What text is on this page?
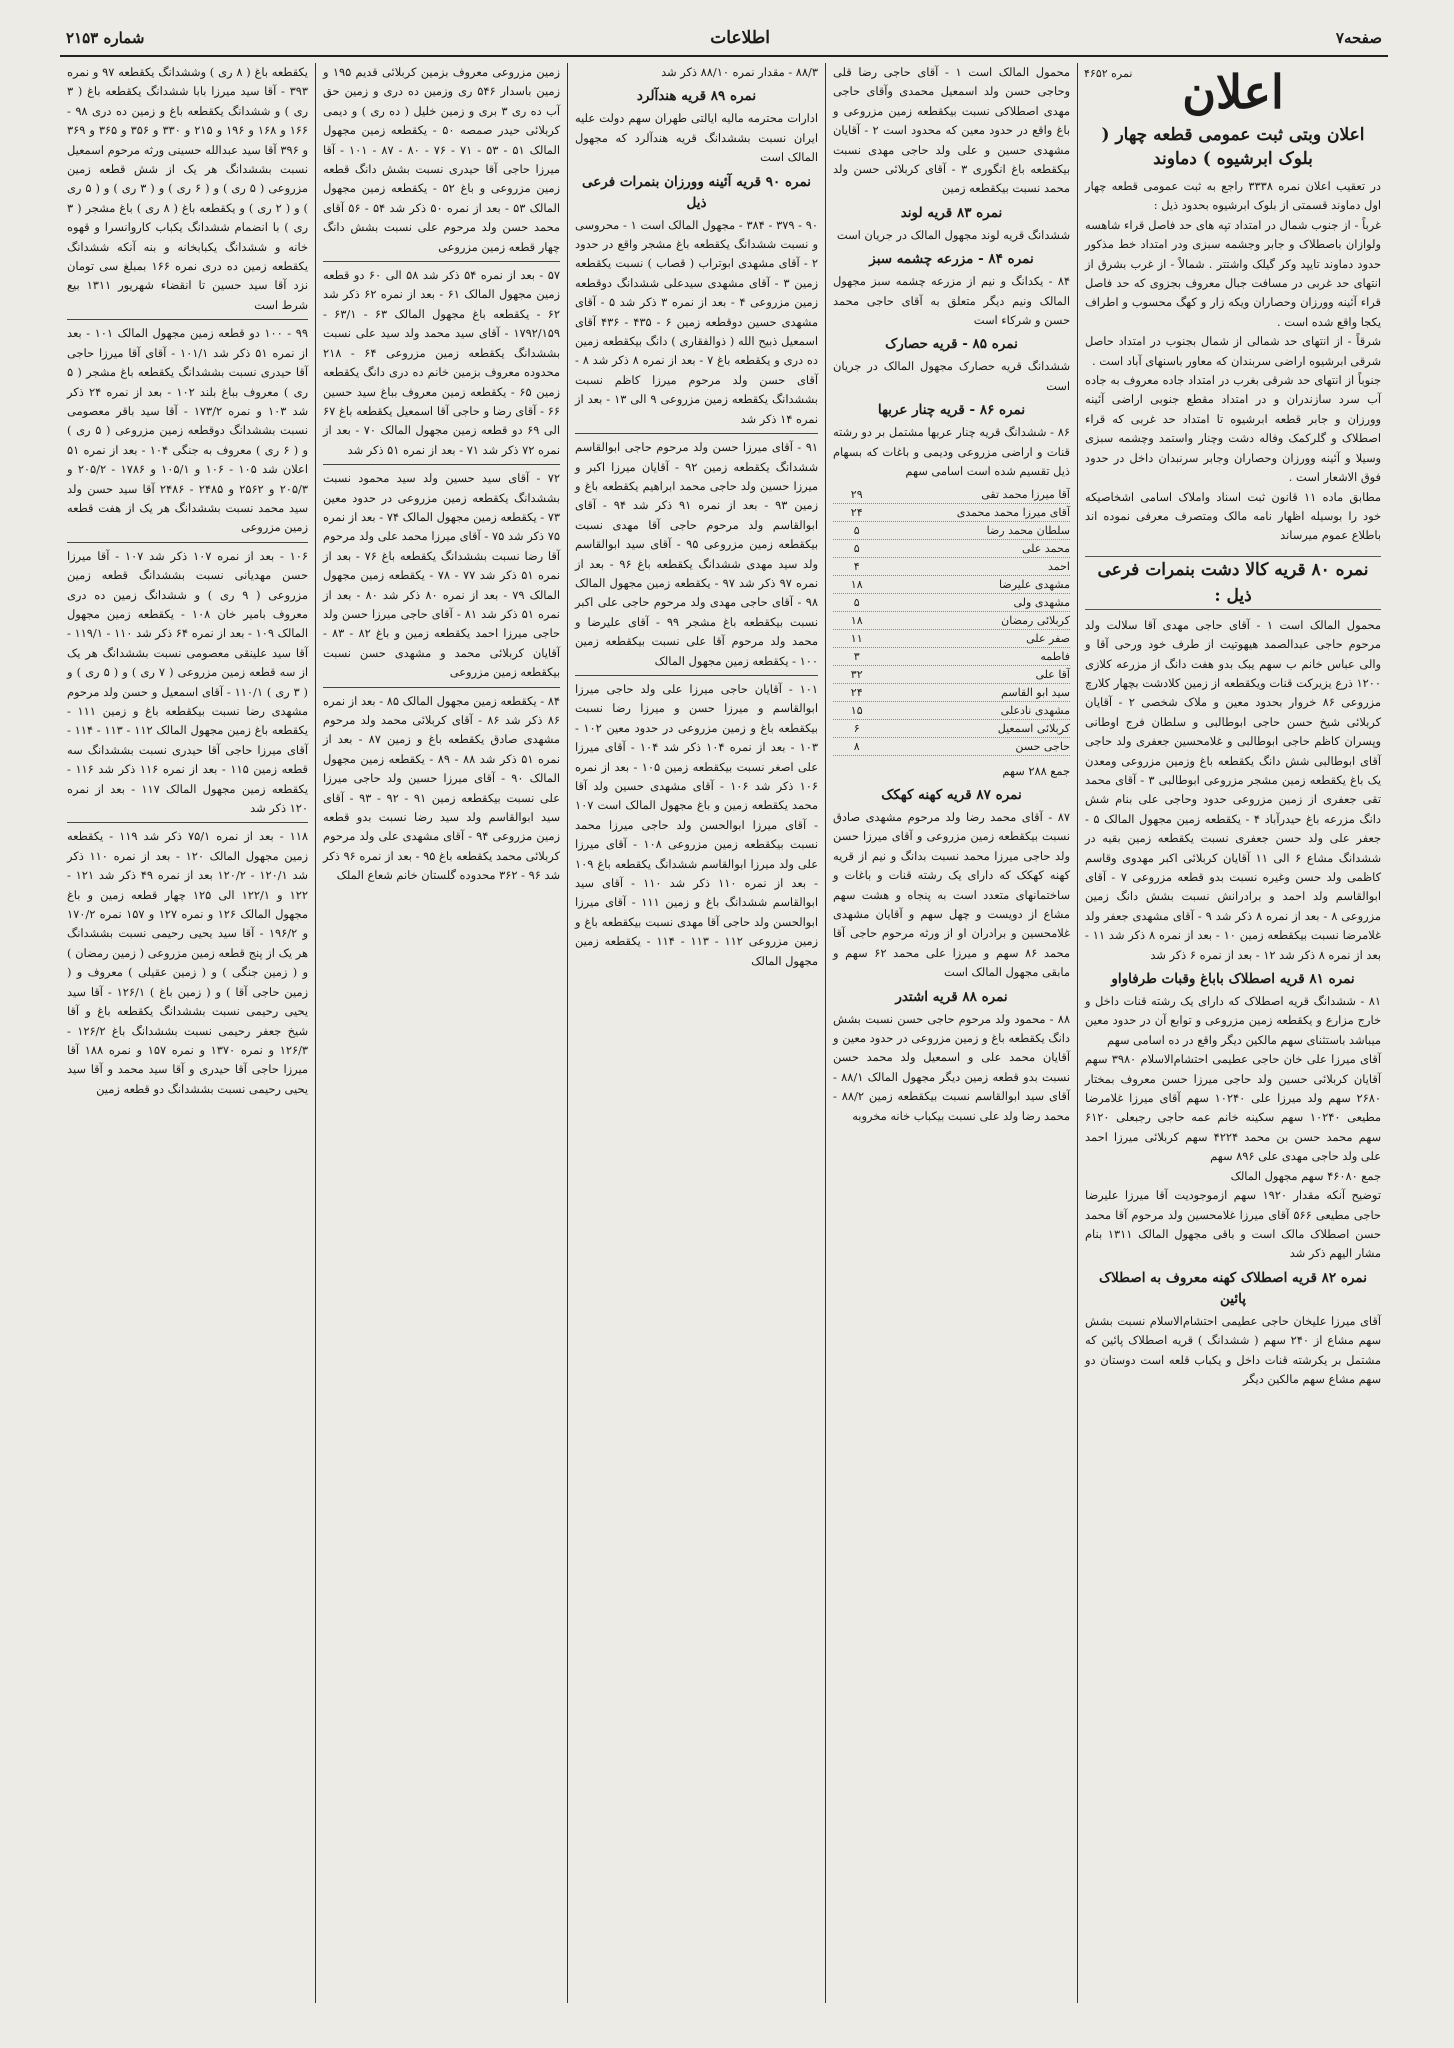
صفحه۷
اطلاعات
شماره ۲۱۵۳
نمره ۴۶۵۲	اعلان
اعلان وبتی ثبت عمومی قطعه چهار ( بلوک ابرشیوه ) دماوند

در تعقیب اعلان نمره ۳۳۳۸ راجع به ثبت عمومی قطعه چهار اول دماوند قسمتی از بلوک ابرشیوه بحدود ذیل :

غرباً - از جنوب شمال در امتداد تپه های حد فاصل قراء شاهسه ولوازان باصطلاک و جابر وجشمه سبزی ودر امتداد خط مذکور حدود دماوند تایپد وکر گیلک واشتتر . شمالاً - از غرب بشرق از انتهای حد غربی در مسافت جبال معروف بجزوی که حد فاصل قراء آئینه وورزان وحصاران ویکه زار و کهگ محسوب و اطراف یکجا واقع شده است .

شرقاً - از انتهای حد شمالی از شمال بجنوب در امتداد حاصل شرقی ابرشیوه اراضی سربندان که معاور باسنهای آباد است .

جنوباً از انتهای حد شرقی بغرب در امتداد جاده معروف به جاده آب سرد سازندران و در امتداد مقطع جنوبی اراضی آئینه وورزان و جابر قطعه ابرشیوه تا امتداد حد غربی که قراء اصطلاک و گلرکمک وفاله دشت وچنار واستمد وچشمه سبزی وسیلا و آئینه وورزان وحصاران وجابر سرنبدان داخل در حدود فوق الاشعار است .

مطابق ماده ۱۱ قانون ثبت اسناد واملاک اسامی اشخاصیکه خود را بوسیله اظهار نامه مالک ومتصرف معرفی نموده اند باطلاع عموم میرساند

نمره ۸۰ قریه کالا دشت بنمرات فرعی ذیل :

محمول المالک است ۱ - آقای حاجی مهدی آقا سلالت ولد مرحوم حاجی عبدالصمد هیهوتیت از طرف خود ورحی آقا و والی عباس خانم ب سهم یبک بدو هفت دانگ از مزرعه کلازی ۱۲۰۰ ذرع یزیرکت قنات ویکقطعه از زمین کلادشت بچهار کلارچ مزروعی ۸۶ خروار بحدود معین و ملاک شخصی ۲ - آقایان کربلائی شیخ حسن حاجی ابوطالبی و سلطان فرج اوطانی وپسران کاظم حاجی ابوطالبی و غلامحسین جعفری ولد حاجی آقای ابوطالبی شش دانگ یکقطعه باغ وزمین مزروعی ومعدن یک باغ یکقطعه زمین مشجر مزروعی ابوطالبی ۳ - آقای محمد تقی جعفری از زمین مزروعی حدود وحاجی علی بنام شش دانگ مزرعه باغ حیدرآباد ۴ - یکقطعه زمین مجهول المالک ۵ - جعفر علی ولد حسن جعفری نسبت یکقطعه زمین بقیه در ششدانگ مشاع ۶ الی ۱۱ آقایان کربلائی اکبر مهدوی وقاسم کاظمی ولد حسن وغیره نسبت بدو قطعه مزروعی ۷ - آقای ابوالقاسم ولد احمد و برادرانش نسبت بشش دانگ زمین مزروعی ۸ - بعد از نمره ۸ ذکر شد ۹ - آقای مشهدی جعفر ولد غلامرضا نسبت بیکقطعه زمین ۱۰ - بعد از نمره ۸ ذکر شد ۱۱ - بعد از نمره ۸ ذکر شد ۱۲ - بعد از نمره ۶ ذکر شد

نمره ۸۱ قریه اصطلاک باباغ وقبات طرفاواو

۸۱ - ششدانگ قریه اصطلاک که دارای یک رشته قنات داخل و خارج مزارع و یکقطعه زمین مزروعی و توابع آن در حدود معین میباشد باستثنای سهم مالکین دیگر واقع در ده اسامی سهم

آقای میرزا علی خان حاجی عطیمی احتشام‌الاسلام ۳۹۸۰ سهم آقایان کربلائی حسین ولد حاجی میرزا حسن معروف بمختار ۲۶۸۰ سهم ولد میرزا علی ۱۰۲۴۰ سهم آقای میرزا غلامرضا مطیعی ۱۰۲۴۰ سهم سکینه خانم عمه حاجی رجبعلی ۶۱۲۰ سهم محمد حسن بن محمد ۴۲۲۴ سهم کربلائی میرزا احمد علی ولد حاجی مهدی علی ۸۹۶ سهم

جمع ۴۶۰۸۰ سهم مجهول المالک

توضیح آنکه مقدار ۱۹۲۰ سهم ازموجودیت آقا میرزا علیرضا حاجی مطیعی ۵۶۶ آقای میرزا غلامحسین ولد مرحوم آقا محمد حسن اصطلاک مالک است و باقی مجهول المالک ۱۳۱۱ بنام مشار الیهم ذکر شد

نمره ۸۲ قریه اصطلاک کهنه معروف به اصطلاک پائین

آقای میرزا علیخان حاجی عطیمی احتشام‌الاسلام نسبت بشش سهم مشاع از ۲۴۰ سهم ( ششدانگ ) قریه اصطلاک پائین که مشتمل بر یکرشته قنات داخل و یکباب قلعه است دوستان دو سهم مشاع سهم مالکین دیگر

محمول المالک است ۱ - آقای حاجی رضا قلی وحاجی حسن ولد اسمعیل محمدی وآقای حاجی مهدی اصطلاکی نسبت بیکقطعه زمین مزروعی و باغ واقع در حدود معین که محدود است ۲ - آقایان مشهدی حسین و علی ولد حاجی مهدی نسبت بیکقطعه باغ انگوری ۳ - آقای کربلائی حسن ولد محمد نسبت بیکقطعه زمین

نمره ۸۳ قریه لوند

ششدانگ قریه لوند مجهول المالک در جریان است

نمره ۸۴ - مزرعه چشمه سبز

۸۴ - یکدانگ و نیم از مزرعه چشمه سبز مجهول المالک ونیم دیگر متعلق به آقای حاجی محمد حسن و شرکاء است

نمره ۸۵ - قریه حصارک

ششدانگ قریه حصارک مجهول المالک در جریان است

نمره ۸۶ - قریه چنار عربها

۸۶ - ششدانگ قریه چنار عربها مشتمل بر دو رشته قنات و اراضی مزروعی ودیمی و باغات که بسهام ذیل تقسیم شده است اسامی سهم

آقا میرزا محمد تقی
۲۹
آقای میرزا محمد محمدی
۲۴
سلطان محمد رضا
۵
محمد علی
۵
احمد
۴
مشهدی علیرضا
۱۸
مشهدی ولی
۵
کربلائی رمضان
۱۸
صفر علی
۱۱
فاطمه
۳
آقا علی
۳۲
سید ابو القاسم
۲۴
مشهدی نادعلی
۱۵
کربلائی اسمعیل
۶
حاجی حسن
۸

جمع ۲۸۸ سهم

نمره ۸۷ قریه کهنه کهکک

۸۷ - آقای محمد رضا ولد مرحوم مشهدی صادق نسبت بیکقطعه زمین مزروعی و آقای میرزا حسن ولد حاجی میرزا محمد نسبت بدانگ و نیم از قریه کهنه کهکک که دارای یک رشته قنات و باغات و ساختمانهای متعدد است به پنجاه و هشت سهم مشاع از دویست و چهل سهم و آقایان مشهدی غلامحسین و برادران او از ورثه مرحوم حاجی آقا محمد ۸۶ سهم و میرزا علی محمد ۶۲ سهم و مابقی مجهول المالک است

نمره ۸۸ قریه اشتدر

۸۸ - محمود ولد مرحوم حاجی حسن نسبت بشش دانگ یکقطعه باغ و زمین مزروعی در حدود معین و آقایان محمد علی و اسمعیل ولد محمد حسن نسبت بدو قطعه زمین دیگر مجهول المالک ۸۸/۱ - آقای سید ابوالقاسم نسبت بیکقطعه زمین ۸۸/۲ - محمد رضا ولد علی نسبت بیکباب خانه مخروبه

۸۸/۳ - مقدار نمره ۸۸/۱۰ ذکر شد

نمره ۸۹ قریه هندآلرد

ادارات محترمه مالیه ایالتی طهران سهم دولت علیه ایران نسبت بششدانگ قریه هندآلرد که مجهول المالک است

نمره ۹۰ قریه آئینه وورزان بنمرات فرعی ذیل

۹۰ - ۳۷۹ - ۳۸۴ - مجهول المالک است ۱ - محروسی و نسبت ششدانگ یکقطعه باغ مشجر واقع در حدود ۲ - آقای مشهدی ابوتراب ( قصاب ) نسبت یکقطعه زمین ۳ - آقای مشهدی سیدعلی ششدانگ دوقطعه زمین مزروعی ۴ - بعد از نمره ۳ ذکر شد ۵ - آقای مشهدی حسین دوقطعه زمین ۶ - ۴۳۵ - ۴۳۶ آقای اسمعیل ذبیح الله ( ذوالفقاری ) دانگ بیکقطعه زمین ده دری و یکقطعه باغ ۷ - بعد از نمره ۸ ذکر شد ۸ - آقای حسن ولد مرحوم میرزا کاظم نسبت بششدانگ یکقطعه زمین مزروعی ۹ الی ۱۳ - بعد از نمره ۱۴ ذکر شد

۹۱ - آقای میرزا حسن ولد مرحوم حاجی ابوالقاسم ششدانگ یکقطعه زمین ۹۲ - آقایان میرزا اکبر و میرزا حسین ولد حاجی محمد ابراهیم یکقطعه باغ و زمین ۹۳ - بعد از نمره ۹۱ ذکر شد ۹۴ - آقای ابوالقاسم ولد مرحوم حاجی آقا مهدی نسبت بیکقطعه زمین مزروعی ۹۵ - آقای سید ابوالقاسم ولد سید مهدی ششدانگ یکقطعه باغ ۹۶ - بعد از نمره ۹۷ ذکر شد ۹۷ - یکقطعه زمین مجهول المالک ۹۸ - آقای حاجی مهدی ولد مرحوم حاجی علی اکبر نسبت بیکقطعه باغ مشجر ۹۹ - آقای علیرضا و محمد ولد مرحوم آقا علی نسبت بیکقطعه زمین ۱۰۰ - یکقطعه زمین مجهول المالک

۱۰۱ - آقایان حاجی میرزا علی ولد حاجی میرزا ابوالقاسم و میرزا حسن و میرزا رضا نسبت بیکقطعه باغ و زمین مزروعی در حدود معین ۱۰۲ - ۱۰۳ - بعد از نمره ۱۰۴ ذکر شد ۱۰۴ - آقای میرزا علی اصغر نسبت بیکقطعه زمین ۱۰۵ - بعد از نمره ۱۰۶ ذکر شد ۱۰۶ - آقای مشهدی حسین ولد آقا محمد یکقطعه زمین و باغ مجهول المالک است ۱۰۷ - آقای میرزا ابوالحسن ولد حاجی میرزا محمد نسبت بیکقطعه زمین مزروعی ۱۰۸ - آقای میرزا علی ولد میرزا ابوالقاسم ششدانگ یکقطعه باغ ۱۰۹ - بعد از نمره ۱۱۰ ذکر شد ۱۱۰ - آقای سید ابوالقاسم ششدانگ باغ و زمین ۱۱۱ - آقای میرزا ابوالحسن ولد حاجی آقا مهدی نسبت بیکقطعه باغ و زمین مزروعی ۱۱۲ - ۱۱۳ - ۱۱۴ - یکقطعه زمین مجهول المالک

زمین مزروعی معروف بزمین کربلائی قدیم ۱۹۵ و زمین باسدار ۵۴۶ ری وزمین ده دری و زمین حق آب ده ری ۳ بری و زمین خلیل ( ده ری ) و دیمی کربلائی حیدر صمصه ۵۰ - یکقطعه زمین مجهول المالک ۵۱ - ۵۳ - ۷۱ - ۷۶ - ۸۰ - ۸۷ - ۱۰۱ - آقا میرزا حاجی آقا حیدری نسبت بشش دانگ قطعه زمین مزروعی و باغ ۵۲ - یکقطعه زمین مجهول المالک ۵۳ - بعد از نمره ۵۰ ذکر شد ۵۴ - ۵۶ آقای محمد حسن ولد مرحوم علی نسبت بشش دانگ چهار قطعه زمین مزروعی

۵۷ - بعد از نمره ۵۴ ذکر شد ۵۸ الی ۶۰ دو قطعه زمین مجهول المالک ۶۱ - بعد از نمره ۶۲ ذکر شد ۶۲ - یکقطعه باغ مجهول المالک ۶۳ - ۶۳/۱ - ۱۷۹۲/۱۵۹ - آقای سید محمد ولد سید علی نسبت بششدانگ یکقطعه زمین مزروعی ۶۴ - ۲۱۸ محدوده معروف بزمین خانم ده دری دانگ یکقطعه زمین ۶۵ - یکقطعه زمین معروف بباغ سید حسین ۶۶ - آقای رضا و حاجی آقا اسمعیل یکقطعه باغ ۶۷ الی ۶۹ دو قطعه زمین مجهول المالک ۷۰ - بعد از نمره ۷۲ ذکر شد ۷۱ - بعد از نمره ۵۱ ذکر شد

۷۲ - آقای سید حسین ولد سید محمود نسبت بششدانگ یکقطعه زمین مزروعی در حدود معین ۷۳ - یکقطعه زمین مجهول المالک ۷۴ - بعد از نمره ۷۵ ذکر شد ۷۵ - آقای میرزا محمد علی ولد مرحوم آقا رضا نسبت بششدانگ یکقطعه باغ ۷۶ - بعد از نمره ۵۱ ذکر شد ۷۷ - ۷۸ - یکقطعه زمین مجهول المالک ۷۹ - بعد از نمره ۸۰ ذکر شد ۸۰ - بعد از نمره ۵۱ ذکر شد ۸۱ - آقای حاجی میرزا حسن ولد حاجی میرزا احمد یکقطعه زمین و باغ ۸۲ - ۸۳ - آقایان کربلائی محمد و مشهدی حسن نسبت بیکقطعه زمین مزروعی

۸۴ - یکقطعه زمین مجهول المالک ۸۵ - بعد از نمره ۸۶ ذکر شد ۸۶ - آقای کربلائی محمد ولد مرحوم مشهدی صادق یکقطعه باغ و زمین ۸۷ - بعد از نمره ۵۱ ذکر شد ۸۸ - ۸۹ - یکقطعه زمین مجهول المالک ۹۰ - آقای میرزا حسین ولد حاجی میرزا علی نسبت بیکقطعه زمین ۹۱ - ۹۲ - ۹۳ - آقای سید ابوالقاسم ولد سید رضا نسبت بدو قطعه زمین مزروعی ۹۴ - آقای مشهدی علی ولد مرحوم کربلائی محمد یکقطعه باغ ۹۵ - بعد از نمره ۹۶ ذکر شد ۹۶ - ۳۶۲ محدوده گلستان خانم شعاع الملک

یکقطعه باغ ( ۸ ری ) وششدانگ یکقطعه ۹۷ و نمره ۳۹۳ - آقا سید میرزا بابا ششدانگ یکقطعه باغ ( ۳ ری ) و ششدانگ یکقطعه باغ و زمین ده دری ۹۸ - ۱۶۶ و ۱۶۸ و ۱۹۶ و ۲۱۵ و ۳۳۰ و ۳۵۶ و ۳۶۵ و ۳۶۹ و ۳۹۶ آقا سید عبدالله حسینی ورثه مرحوم اسمعیل نسبت بششدانگ هر یک از شش قطعه زمین مزروعی ( ۵ ری ) و ( ۶ ری ) و ( ۳ ری ) و ( ۵ ری ) و ( ۲ ری ) و یکقطعه باغ ( ۸ ری ) باغ مشجر ( ۳ ری ) با انضمام ششدانگ یکباب کاروانسرا و قهوه خانه و ششدانگ یکبابخانه و بنه آنکه ششدانگ یکقطعه زمین ده دری نمره ۱۶۶ بمبلغ سی تومان نزد آقا سید حسین تا انقضاء شهریور ۱۳۱۱ بیع شرط است

۹۹ - ۱۰۰ دو قطعه زمین مجهول المالک ۱۰۱ - بعد از نمره ۵۱ ذکر شد ۱۰۱/۱ - آقای آقا میرزا حاجی آقا حیدری نسبت بششدانگ یکقطعه باغ مشجر ( ۵ ری ) معروف بباغ بلند ۱۰۲ - بعد از نمره ۲۴ ذکر شد ۱۰۳ و نمره ۱۷۳/۲ - آقا سید باقر معصومی نسبت بششدانگ دوقطعه زمین مزروعی ( ۵ ری ) و ( ۶ ری ) معروف به جنگی ۱۰۴ - بعد از نمره ۵۱ اعلان شد ۱۰۵ - ۱۰۶ و ۱۰۵/۱ و ۱۷۸۶ - ۲۰۵/۲ و ۲۰۵/۳ و ۲۵۶۲ و ۲۴۸۵ - ۲۴۸۶ آقا سید حسن ولد سید محمد نسبت بششدانگ هر یک از هفت قطعه زمین مزروعی

۱۰۶ - بعد از نمره ۱۰۷ ذکر شد ۱۰۷ - آقا میرزا حسن مهدیانی نسبت بششدانگ قطعه زمین مزروعی ( ۹ ری ) و ششدانگ زمین ده دری معروف بامیر خان ۱۰۸ - یکقطعه زمین مجهول المالک ۱۰۹ - بعد از نمره ۶۴ ذکر شد ۱۱۰ - ۱۱۹/۱ - آقا سید علینقی معصومی نسبت بششدانگ هر یک از سه قطعه زمین مزروعی ( ۷ ری ) و ( ۵ ری ) و ( ۳ ری ) ۱۱۰/۱ - آقای اسمعیل و حسن ولد مرحوم مشهدی رضا نسبت بیکقطعه باغ و زمین ۱۱۱ - یکقطعه باغ زمین مجهول المالک ۱۱۲ - ۱۱۳ - ۱۱۴ - آقای میرزا حاجی آقا حیدری نسبت بششدانگ سه قطعه زمین ۱۱۵ - بعد از نمره ۱۱۶ ذکر شد ۱۱۶ - یکقطعه زمین مجهول المالک ۱۱۷ - بعد از نمره ۱۲۰ ذکر شد

۱۱۸ - بعد از نمره ۷۵/۱ ذکر شد ۱۱۹ - یکقطعه زمین مجهول المالک ۱۲۰ - بعد از نمره ۱۱۰ ذکر شد ۱۲۰/۱ - ۱۲۰/۲ بعد از نمره ۴۹ ذکر شد ۱۲۱ - ۱۲۲ و ۱۲۲/۱ الی ۱۲۵ چهار قطعه زمین و باغ مجهول المالک ۱۲۶ و نمره ۱۲۷ و ۱۵۷ نمره ۱۷۰/۲ و ۱۹۶/۲ - آقا سید یحیی رحیمی نسبت بششدانگ هر یک از پنج قطعه زمین مزروعی ( زمین رمضان ) و ( زمین جنگی ) و ( زمین عقیلی ) معروف و ( زمین حاجی آقا ) و ( زمین باغ ) ۱۲۶/۱ - آقا سید یحیی رحیمی نسبت بششدانگ یکقطعه باغ و آقا شیخ جعفر رحیمی نسبت بششدانگ باغ ۱۲۶/۲ - ۱۲۶/۳ و نمره ۱۳۷۰ و نمره ۱۵۷ و نمره ۱۸۸ آقا میرزا حاجی آقا حیدری و آقا سید محمد و آقا سید یحیی رحیمی نسبت بششدانگ دو قطعه زمین
